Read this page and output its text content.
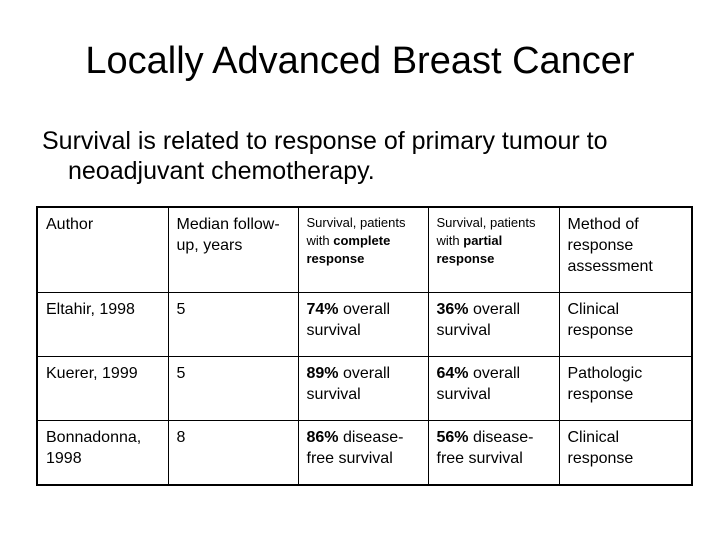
Locally Advanced Breast Cancer

Survival is related to response of primary tumour to neoadjuvant chemotherapy.

Author	Median follow-up, years	Survival, patients with complete response	Survival, patients with partial response	Method of response assessment
Eltahir, 1998	5	74% overall survival	36% overall survival	Clinical response
Kuerer, 1999	5	89% overall survival	64% overall survival	Pathologic response
Bonnadonna, 1998	8	86% disease-free survival	56% disease-free survival	Clinical response
